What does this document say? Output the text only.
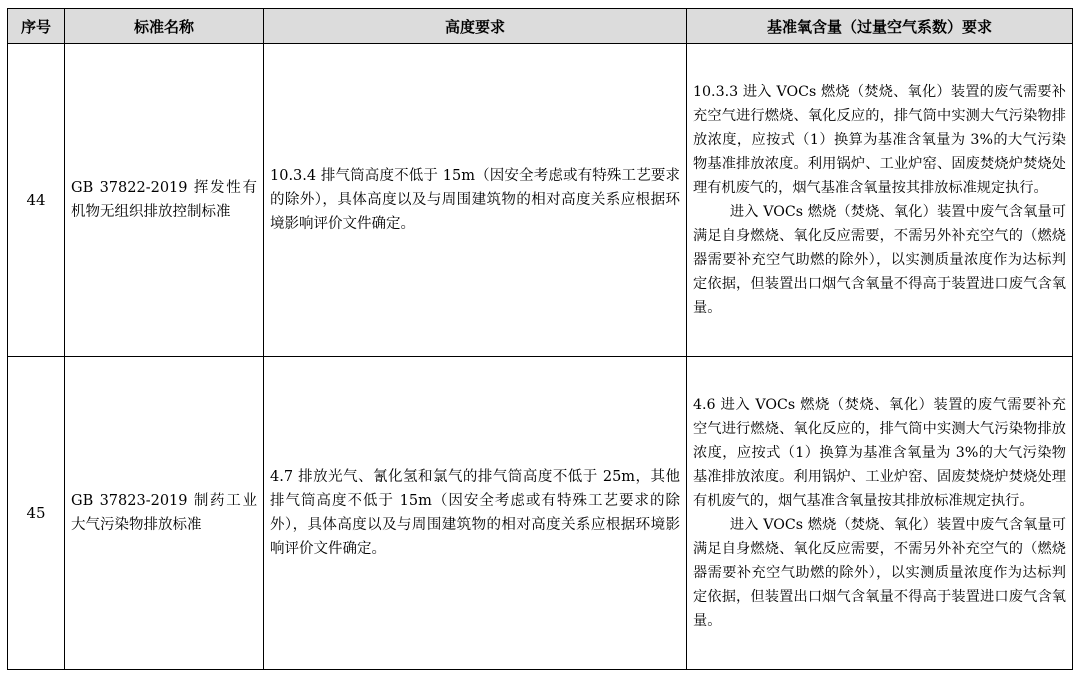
序号	标准名称	高度要求	基准氧含量（过量空气系数）要求
44	GB 37822-2019 挥发性有机物无组织排放控制标准	10.3.4 排气筒高度不低于 15m（因安全考虑或有特殊工艺要求的除外），具体高度以及与周围建筑物的相对高度关系应根据环境影响评价文件确定。	10.3.3 进入 VOCs 燃烧（焚烧、氧化）装置的废气需要补充空气进行燃烧、氧化反应的，排气筒中实测大气污染物排放浓度，应按式（1）换算为基准含氧量为 3%的大气污染物基准排放浓度。利用锅炉、工业炉窑、固废焚烧炉焚烧处理有机废气的，烟气基准含氧量按其排放标准规定执行。

进入 VOCs 燃烧（焚烧、氧化）装置中废气含氧量可满足自身燃烧、氧化反应需要，不需另外补充空气的（燃烧器需要补充空气助燃的除外），以实测质量浓度作为达标判定依据，但装置出口烟气含氧量不得高于装置进口废气含氧量。

45	GB 37823-2019 制药工业大气污染物排放标准	4.7 排放光气、氰化氢和氯气的排气筒高度不低于 25m，其他排气筒高度不低于 15m（因安全考虑或有特殊工艺要求的除外），具体高度以及与周围建筑物的相对高度关系应根据环境影响评价文件确定。	4.6 进入 VOCs 燃烧（焚烧、氧化）装置的废气需要补充空气进行燃烧、氧化反应的，排气筒中实测大气污染物排放浓度，应按式（1）换算为基准含氧量为 3%的大气污染物基准排放浓度。利用锅炉、工业炉窑、固废焚烧炉焚烧处理有机废气的，烟气基准含氧量按其排放标准规定执行。

进入 VOCs 燃烧（焚烧、氧化）装置中废气含氧量可满足自身燃烧、氧化反应需要，不需另外补充空气的（燃烧器需要补充空气助燃的除外），以实测质量浓度作为达标判定依据，但装置出口烟气含氧量不得高于装置进口废气含氧量。
